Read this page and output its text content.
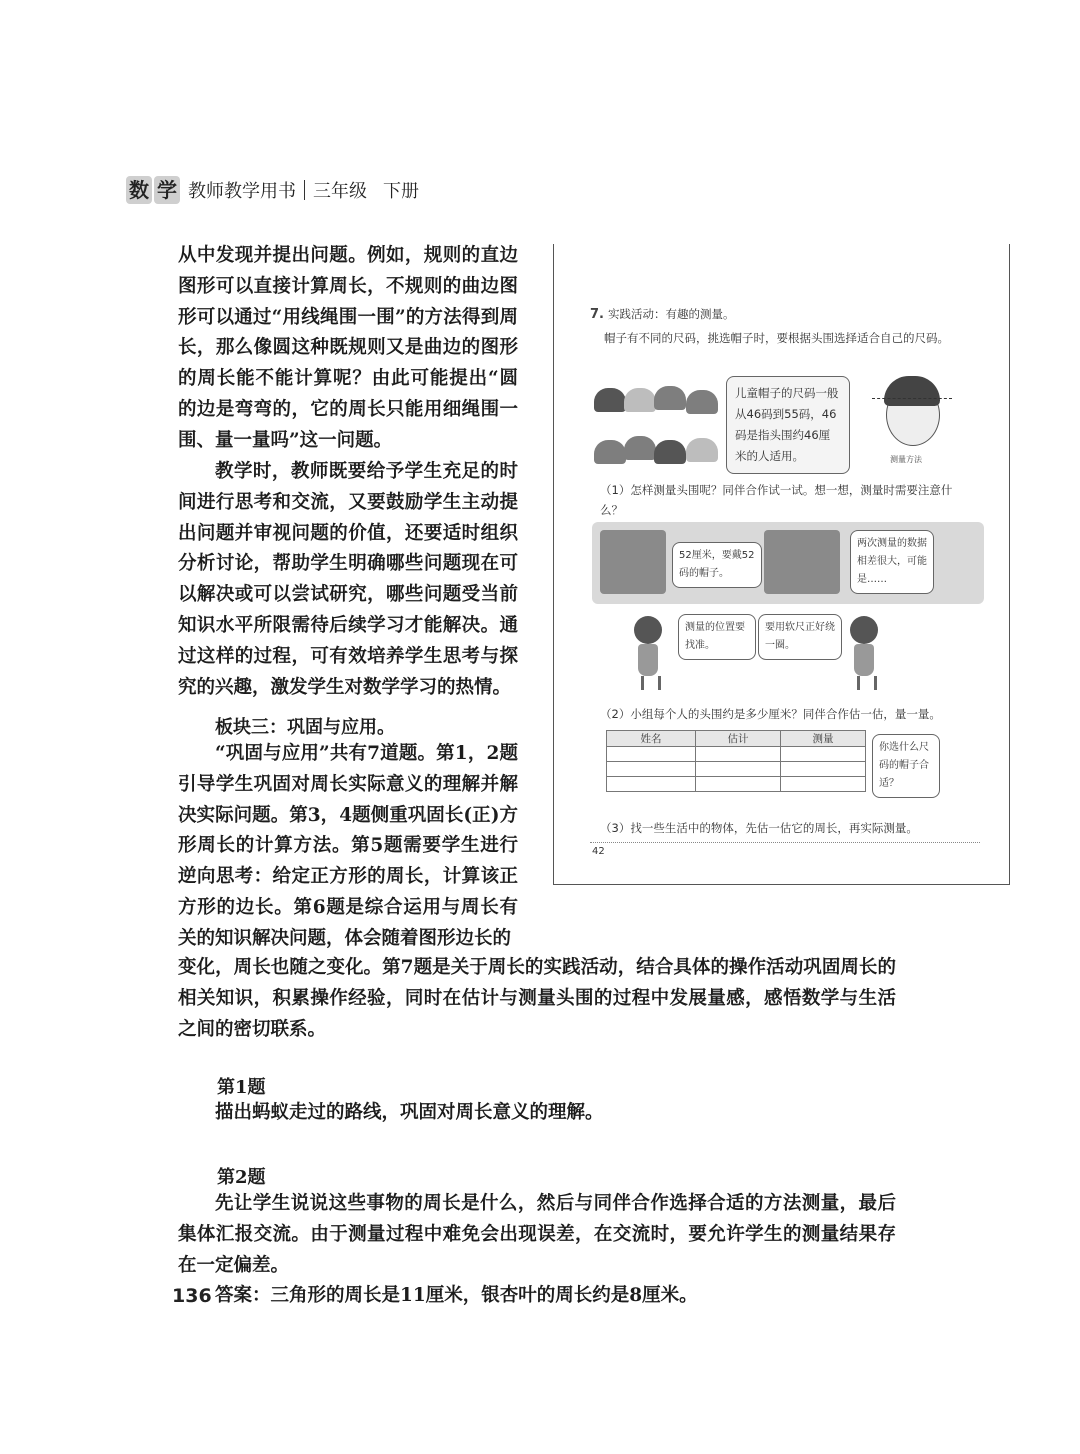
数 学 教师教学用书 三年级 下册

从中发现并提出问题。例如，规则的直边图形可以直接计算周长，不规则的曲边图形可以通过“用线绳围一围”的方法得到周长，那么像圆这种既规则又是曲边的图形的周长能不能计算呢？由此可能提出“圆的边是弯弯的，它的周长只能用细绳围一围、量一量吗”这一问题。

教学时，教师既要给予学生充足的时间进行思考和交流，又要鼓励学生主动提出问题并审视问题的价值，还要适时组织分析讨论，帮助学生明确哪些问题现在可以解决或可以尝试研究，哪些问题受当前知识水平所限需待后续学习才能解决。通过这样的过程，可有效培养学生思考与探究的兴趣，激发学生对数学学习的热情。

板块三：巩固与应用。

“巩固与应用”共有7道题。第1，2题引导学生巩固对周长实际意义的理解并解决实际问题。第3，4题侧重巩固长(正)方形周长的计算方法。第5题需要学生进行逆向思考：给定正方形的周长，计算该正方形的边长。第6题是综合运用与周长有关的知识解决问题，体会随着图形边长的

变化，周长也随之变化。第7题是关于周长的实践活动，结合具体的操作活动巩固周长的相关知识，积累操作经验，同时在估计与测量头围的过程中发展量感，感悟数学与生活之间的密切联系。

第1题

描出蚂蚁走过的路线，巩固对周长意义的理解。

第2题

先让学生说说这些事物的周长是什么，然后与同伴合作选择合适的方法测量，最后集体汇报交流。由于测量过程中难免会出现误差，在交流时，要允许学生的测量结果存在一定偏差。

答案：三角形的周长是11厘米，银杏叶的周长约是8厘米。

7. 实践活动：有趣的测量。
帽子有不同的尺码，挑选帽子时，要根据头围选择适合自己的尺码。
儿童帽子的尺码一般从46码到55码，46码是指头围约46厘米的人适用。	测量方法
（1）怎样测量头围呢？同伴合作试一试。想一想，测量时需要注意什么？
52厘米，要戴52码的帽子。
两次测量的数据相差很大，可能是……
测量的位置要找准。
要用软尺正好绕一圈。
（2）小组每个人的头围约是多少厘米？同伴合作估一估，量一量。
姓名	估计	测量

你选什么尺码的帽子合适？
（3）找一些生活中的物体，先估一估它的周长，再实际测量。
42
136
